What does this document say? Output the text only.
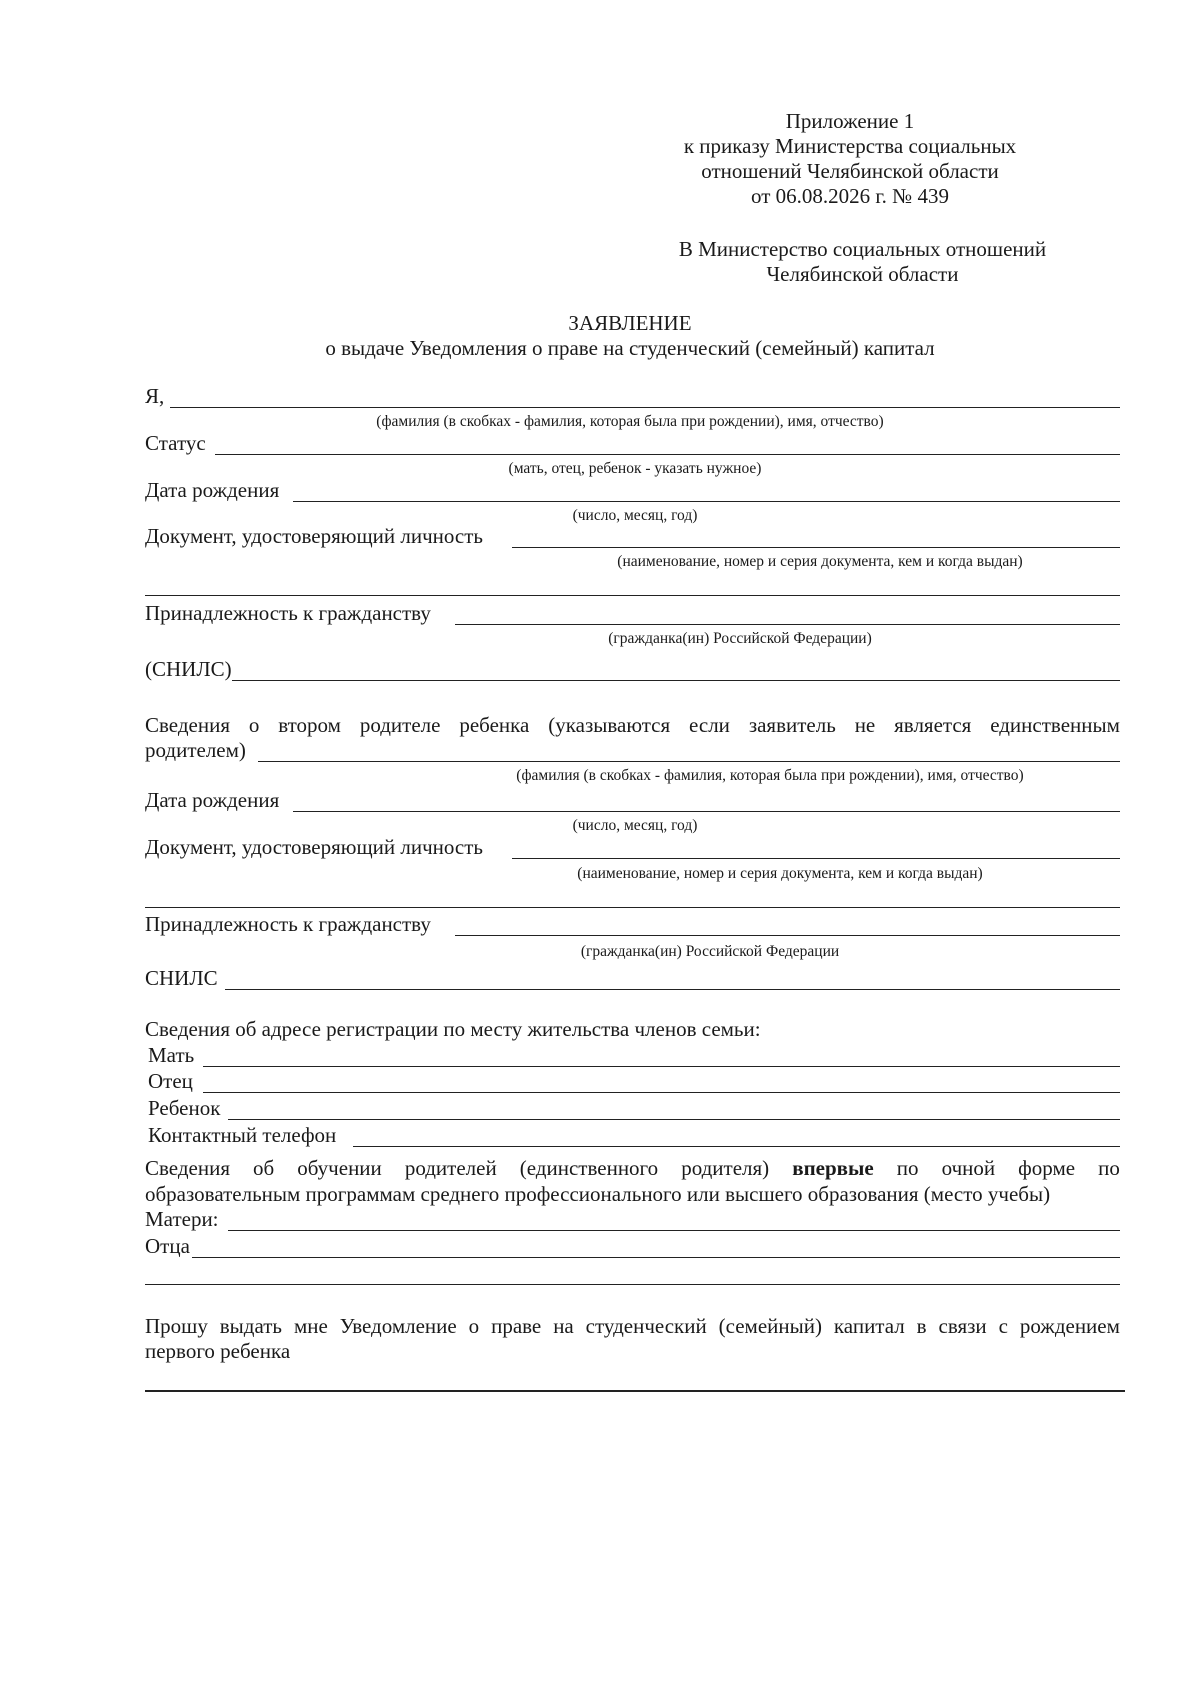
Приложение 1
к приказу Министерства социальных
отношений Челябинской области
от 06.08.2026 г. № 439
В Министерство социальных отношений
Челябинской области
ЗАЯВЛЕНИЕ
о выдаче Уведомления о праве на студенческий (семейный) капитал
Я,
(фамилия (в скобках - фамилия, которая была при рождении), имя, отчество)
Статус
(мать, отец, ребенок - указать нужное)
Дата рождения
(число, месяц, год)
Документ, удостоверяющий личность
(наименование, номер и серия документа, кем и когда выдан)
Принадлежность к гражданству
(гражданка(ин) Российской Федерации)
(СНИЛС)
Сведения о втором родителе ребенка (указываются если заявитель не является единственным
родителем)
(фамилия (в скобках - фамилия, которая была при рождении), имя, отчество)
Дата рождения
(число, месяц, год)
Документ, удостоверяющий личность
(наименование, номер и серия документа, кем и когда выдан)
Принадлежность к гражданству
(гражданка(ин) Российской Федерации
СНИЛС
Сведения об адресе регистрации по месту жительства членов семьи:
Мать
Отец
Ребенок
Контактный телефон
Сведения об обучении родителей (единственного родителя) впервые по очной форме по
образовательным программам среднего профессионального или высшего образования (место учебы)
Матери:
Отца
Прошу выдать мне Уведомление о праве на студенческий (семейный) капитал в связи с рождением
первого ребенка
